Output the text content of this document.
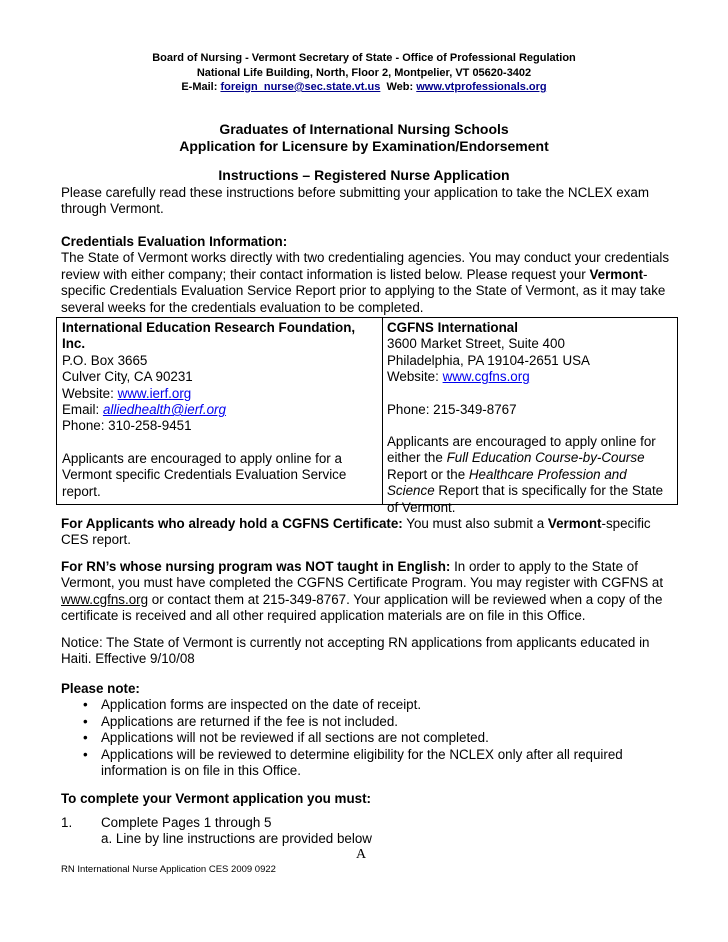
Board of Nursing - Vermont Secretary of State - Office of Professional Regulation
National Life Building, North, Floor 2, Montpelier, VT 05620-3402
E-Mail: foreign_nurse@sec.state.vt.us Web: www.vtprofessionals.org
Graduates of International Nursing Schools
Application for Licensure by Examination/Endorsement
Instructions – Registered Nurse Application
Please carefully read these instructions before submitting your application to take the NCLEX exam through Vermont.
Credentials Evaluation Information:
The State of Vermont works directly with two credentialing agencies. You may conduct your credentials review with either company; their contact information is listed below. Please request your Vermont-specific Credentials Evaluation Service Report prior to applying to the State of Vermont, as it may take several weeks for the credentials evaluation to be completed.
International Education Research Foundation, Inc.
P.O. Box 3665
Culver City, CA 90231
Website: www.ierf.org
Email: alliedhealth@ierf.org
Phone: 310-258-9451
Applicants are encouraged to apply online for a Vermont specific Credentials Evaluation Service report.
CGFNS International
3600 Market Street, Suite 400
Philadelphia, PA 19104-2651 USA
Website: www.cgfns.org
Phone: 215-349-8767
Applicants are encouraged to apply online for either the Full Education Course-by-Course Report or the Healthcare Profession and Science Report that is specifically for the State of Vermont.
For Applicants who already hold a CGFNS Certificate: You must also submit a Vermont-specific CES report.
For RN’s whose nursing program was NOT taught in English: In order to apply to the State of Vermont, you must have completed the CGFNS Certificate Program. You may register with CGFNS at www.cgfns.org or contact them at 215-349-8767. Your application will be reviewed when a copy of the certificate is received and all other required application materials are on file in this Office.
Notice: The State of Vermont is currently not accepting RN applications from applicants educated in Haiti. Effective 9/10/08
Please note:
• Application forms are inspected on the date of receipt.
• Applications are returned if the fee is not included.
• Applications will not be reviewed if all sections are not completed.
• Applications will be reviewed to determine eligibility for the NCLEX only after all required information is on file in this Office.
To complete your Vermont application you must:
1. Complete Pages 1 through 5
a. Line by line instructions are provided below
A
RN International Nurse Application CES 2009 0922
